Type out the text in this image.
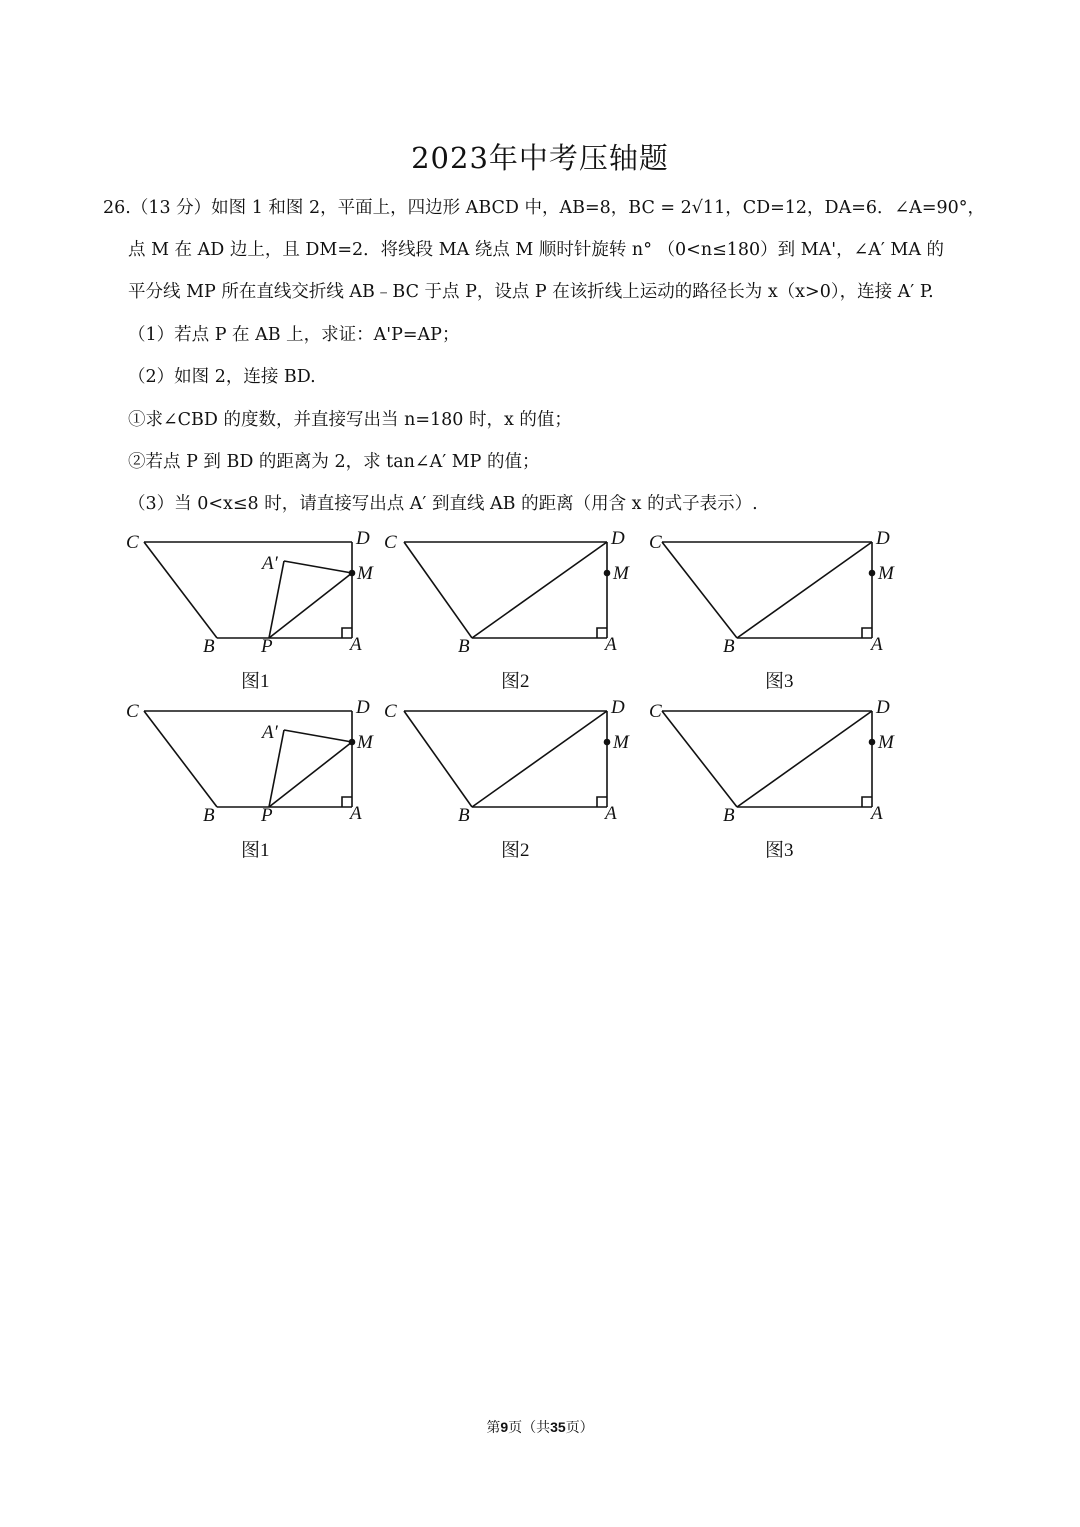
2023年中考压轴题
26.（13 分）如图 1 和图 2，平面上，四边形 ABCD 中，AB=8，BC = 2√11，CD=12，DA=6．∠A=90°，
点 M 在 AD 边上，且 DM=2．将线段 MA 绕点 M 顺时针旋转 n° （0<n≤180）到 MA'，∠A′ MA 的
平分线 MP 所在直线交折线 AB﹣BC 于点 P，设点 P 在该折线上运动的路径长为 x（x>0），连接 A′ P.
（1）若点 P 在 AB 上，求证：A'P=AP；
（2）如图 2，连接 BD.
①求∠CBD 的度数，并直接写出当 n=180 时，x 的值；
②若点 P 到 BD 的距离为 2，求 tan∠A′ MP 的值；
（3）当 0<x≤8 时，请直接写出点 A′ 到直线 AB 的距离（用含 x 的式子表示）.
C	D
M
A
B P
A′
C	D
M
A
B
C	D
M
A
B
图1	图2	图3
C	D
M
A
B P
A′
C	D
M
A
B
C	D
M
A
B
图1	图2	图3
第9页（共35页）
